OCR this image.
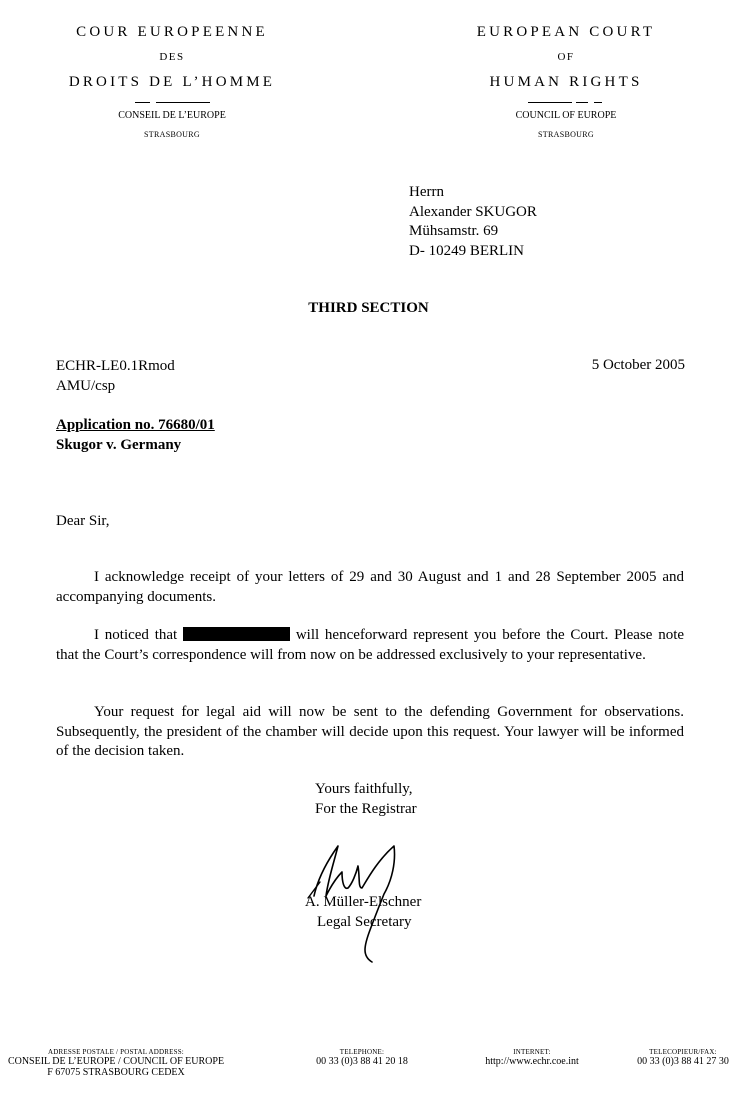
COUR EUROPEENNE
DES
DROITS DE L’HOMME
CONSEIL DE L’EUROPE
STRASBOURG
EUROPEAN COURT
OF
HUMAN RIGHTS
COUNCIL OF EUROPE
STRASBOURG
Herrn
Alexander SKUGOR
Mühsamstr. 69
D- 10249 BERLIN
THIRD SECTION
ECHR-LE0.1Rmod
AMU/csp
5 October 2005
Application no. 76680/01
Skugor v. Germany
Dear Sir,
I acknowledge receipt of your letters of 29 and 30 August and 1 and 28 September 2005 and accompanying documents.
I noticed that	will henceforward represent you before the Court. Please note that the Court’s correspondence will from now on be addressed exclusively to your representative.
Your request for legal aid will now be sent to the defending Government for observations. Subsequently, the president of the chamber will decide upon this request. Your lawyer will be informed of the decision taken.
Yours faithfully,
For the Registrar
A. Müller-Elschner
Legal Secretary
ADRESSE POSTALE / POSTAL ADDRESS:
CONSEIL DE L’EUROPE / COUNCIL OF EUROPE
F 67075 STRASBOURG CEDEX
TELEPHONE:
00 33 (0)3 88 41 20 18
INTERNET:
http://www.echr.coe.int
TELECOPIEUR/FAX:
00 33 (0)3 88 41 27 30
